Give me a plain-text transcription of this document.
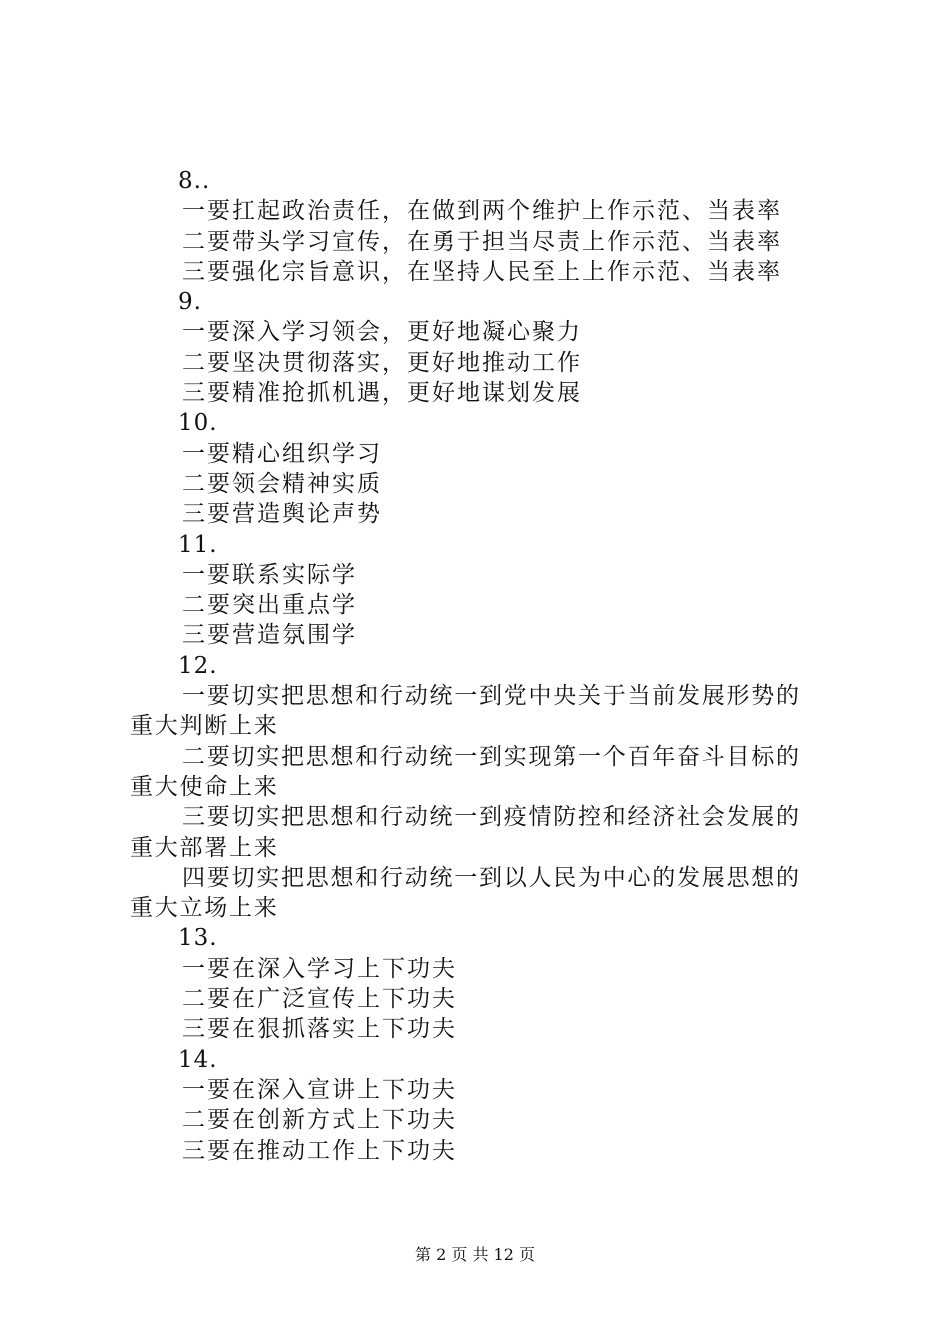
8..
一要扛起政治责任，在做到两个维护上作示范、当表率
二要带头学习宣传，在勇于担当尽责上作示范、当表率
三要强化宗旨意识，在坚持人民至上上作示范、当表率
9.
一要深入学习领会，更好地凝心聚力
二要坚决贯彻落实，更好地推动工作
三要精准抢抓机遇，更好地谋划发展
10.
一要精心组织学习
二要领会精神实质
三要营造舆论声势
11.
一要联系实际学
二要突出重点学
三要营造氛围学
12.
一要切实把思想和行动统一到党中央关于当前发展形势的
重大判断上来
二要切实把思想和行动统一到实现第一个百年奋斗目标的
重大使命上来
三要切实把思想和行动统一到疫情防控和经济社会发展的
重大部署上来
四要切实把思想和行动统一到以人民为中心的发展思想的
重大立场上来
13.
一要在深入学习上下功夫
二要在广泛宣传上下功夫
三要在狠抓落实上下功夫
14.
一要在深入宣讲上下功夫
二要在创新方式上下功夫
三要在推动工作上下功夫
第 2 页 共 12 页
